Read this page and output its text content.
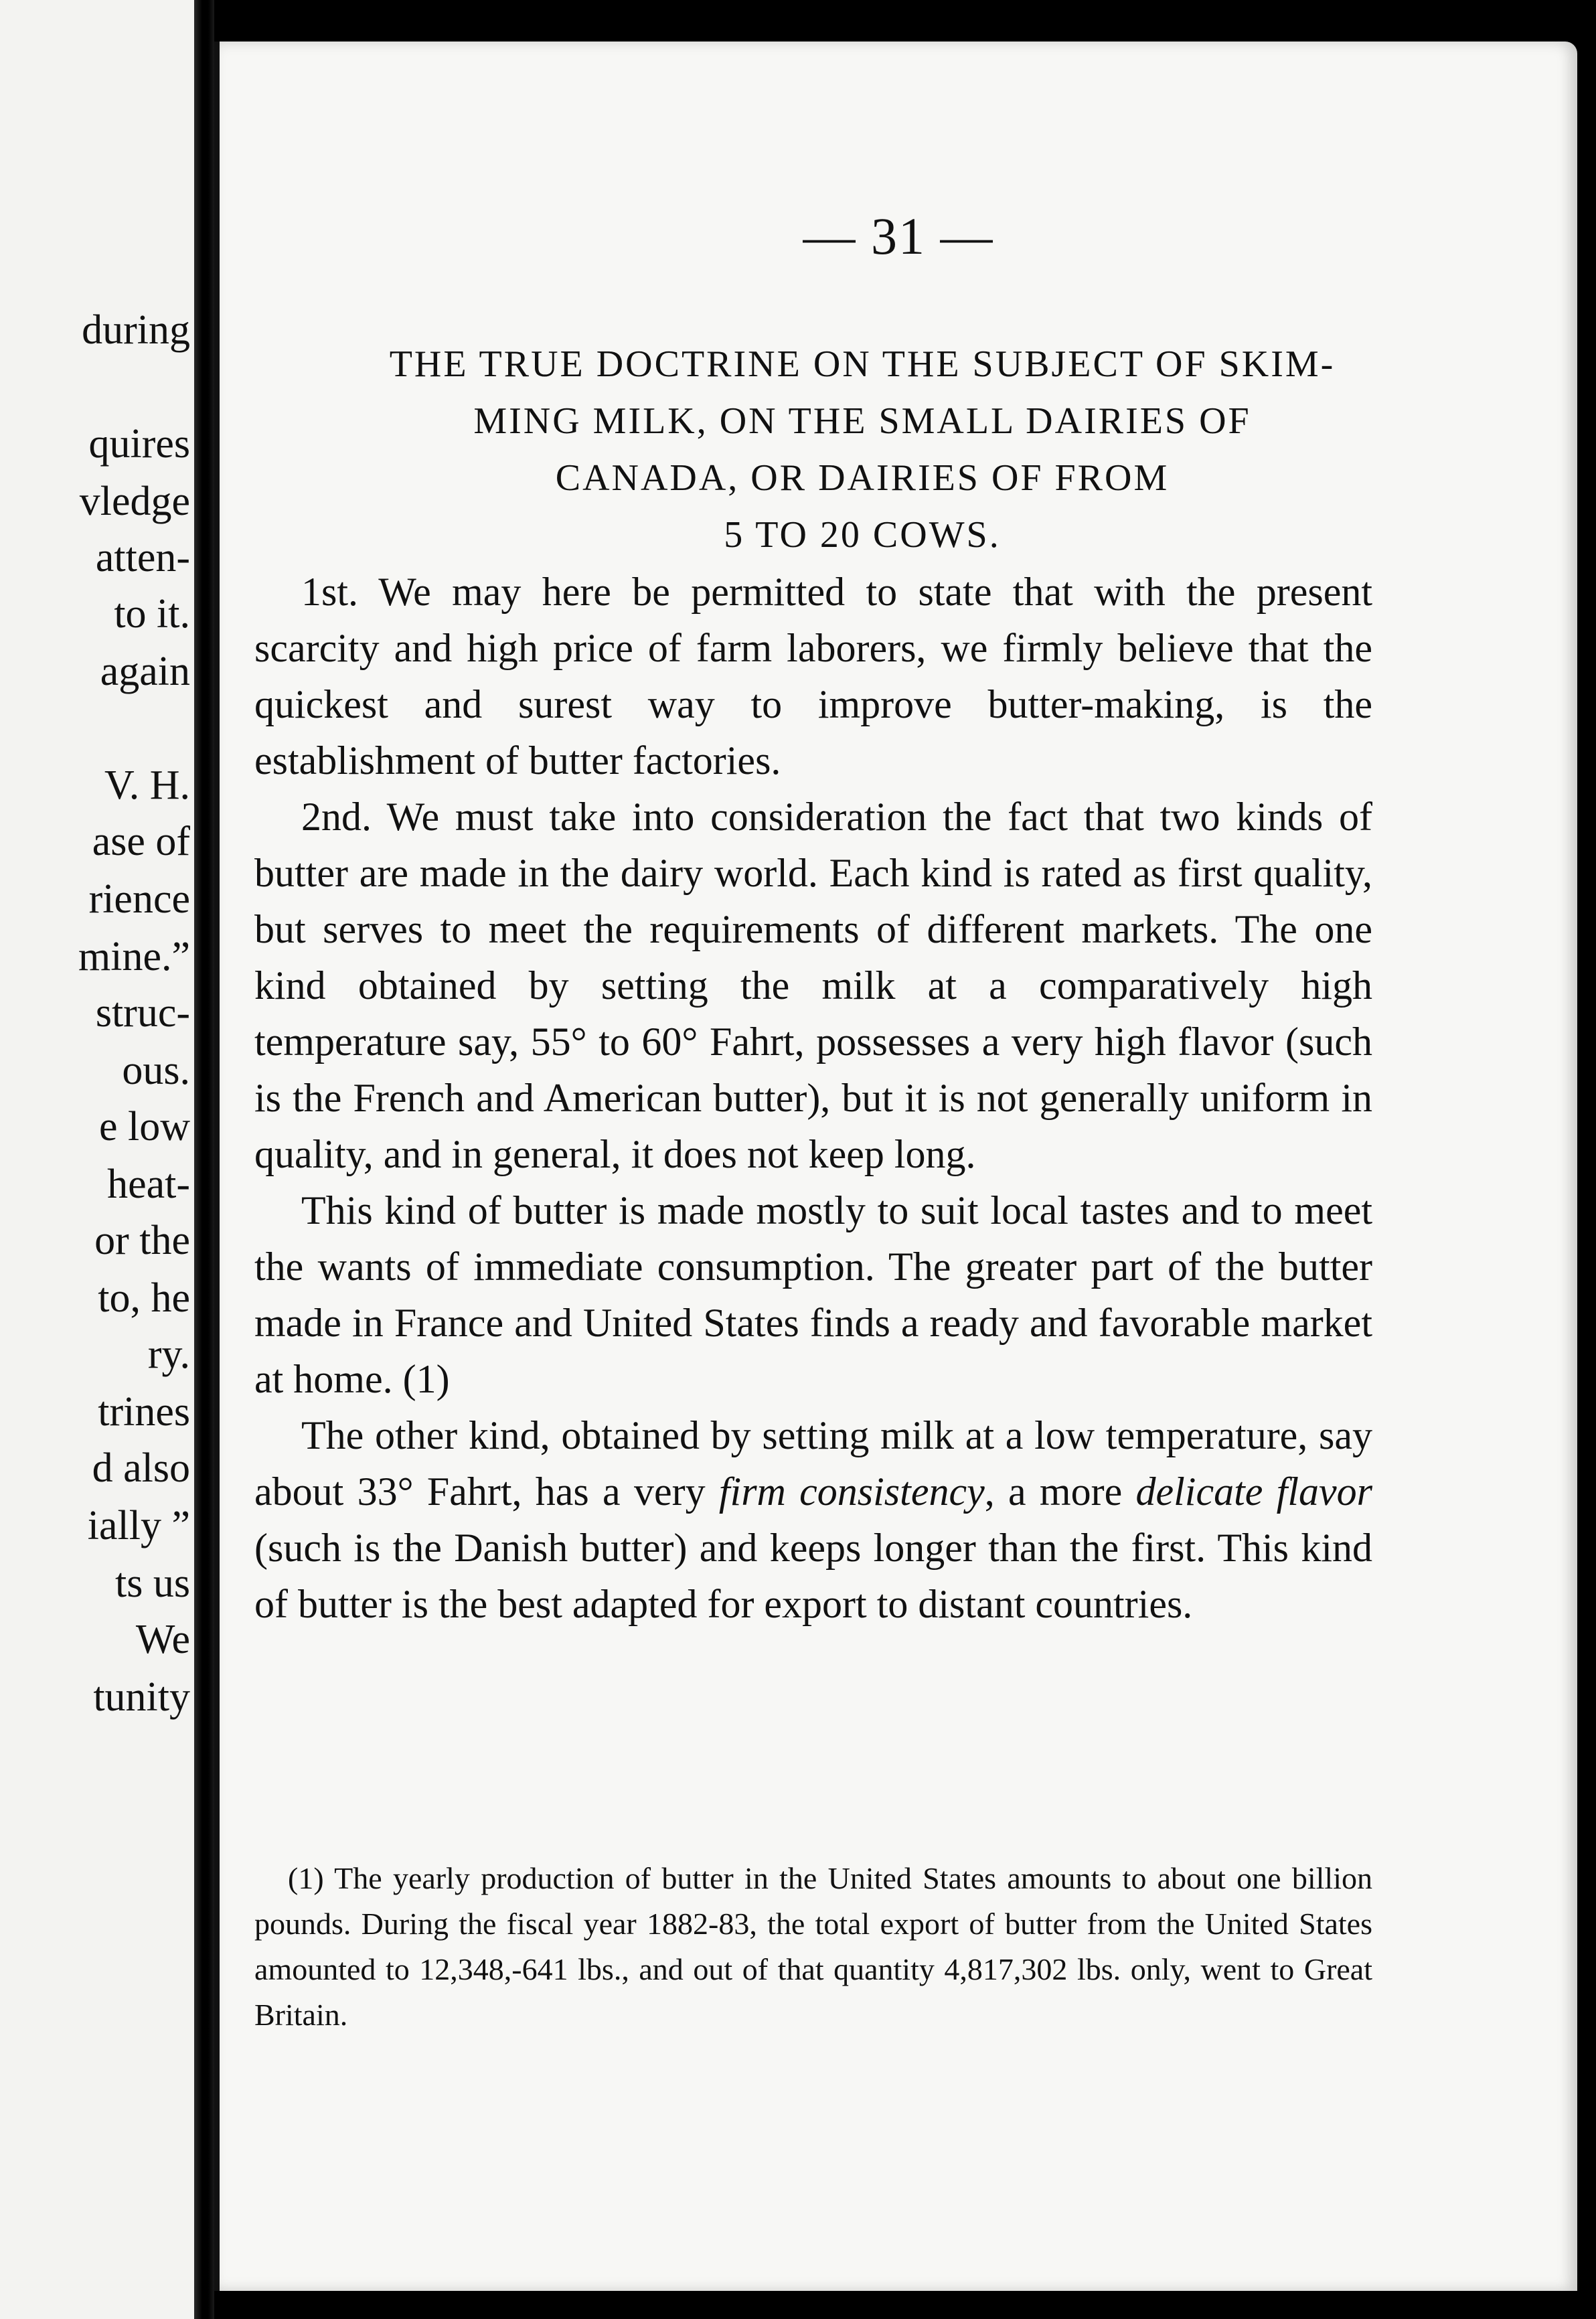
during
quires
vledge
atten-
to it.
again
V. H.
ase of
rience
mine.”
struc-
ous.
e low
heat-
or the
to, he
ry.
trines
d also
ially ”
ts us
We
tunity
— 31 —
THE TRUE DOCTRINE ON THE SUBJECT OF SKIM-
MING MILK, ON THE SMALL DAIRIES OF
CANADA, OR DAIRIES OF FROM
5 TO 20 COWS.

1st. We may here be permitted to state that with the present scarcity and high price of farm laborers, we firmly believe that the quickest and surest way to improve butter-making, is the establishment of butter factories.

2nd. We must take into consideration the fact that two kinds of butter are made in the dairy world. Each kind is rated as first quality, but serves to meet the requirements of different markets. The one kind obtained by setting the milk at a comparatively high temperature say, 55° to 60° Fahrt, possesses a very high flavor (such is the French and American butter), but it is not generally uniform in quality, and in general, it does not keep long.

This kind of butter is made mostly to suit local tastes and to meet the wants of immediate consumption. The greater part of the butter made in France and United States finds a ready and favorable market at home. (1)

The other kind, obtained by setting milk at a low temperature, say about 33° Fahrt, has a very firm consistency, a more delicate flavor (such is the Danish butter) and keeps longer than the first. This kind of butter is the best adapted for export to distant countries.

(1) The yearly production of butter in the United States amounts to about one billion pounds. During the fiscal year 1882-83, the total export of butter from the United States amounted to 12,348,-641 lbs., and out of that quantity 4,817,302 lbs. only, went to Great Britain.
